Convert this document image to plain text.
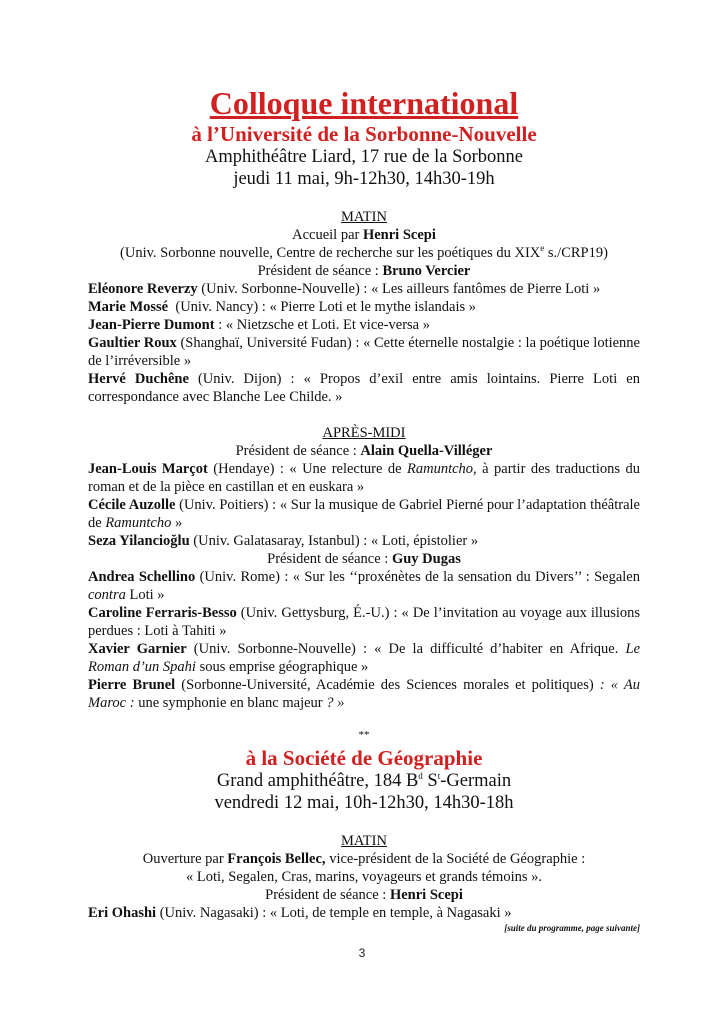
Colloque international
à l’Université de la Sorbonne-Nouvelle
Amphithéâtre Liard, 17 rue de la Sorbonne
jeudi 11 mai, 9h-12h30, 14h30-19h
MATIN
Accueil par Henri Scepi
(Univ. Sorbonne nouvelle, Centre de recherche sur les poétiques du XIXe s./CRP19)
Président de séance : Bruno Vercier
Eléonore Reverzy (Univ. Sorbonne-Nouvelle) : « Les ailleurs fantômes de Pierre Loti »
Marie Mossé  (Univ. Nancy) : « Pierre Loti et le mythe islandais »
Jean-Pierre Dumont : « Nietzsche et Loti. Et vice-versa »
Gaultier Roux (Shanghaï, Université Fudan) : « Cette éternelle nostalgie : la poétique lotienne de l’irréversible »
Hervé Duchêne (Univ. Dijon) : « Propos d’exil entre amis lointains. Pierre Loti en correspondance avec Blanche Lee Childe. »
APRÈS-MIDI
Président de séance : Alain Quella-Villéger
Jean-Louis Marçot (Hendaye) : « Une relecture de Ramuntcho, à partir des traductions du roman et de la pièce en castillan et en euskara »
Cécile Auzolle (Univ. Poitiers) : « Sur la musique de Gabriel Pierné pour l’adaptation théâtrale de Ramuntcho »
Seza Yilancioğlu (Univ. Galatasaray, Istanbul) : « Loti, épistolier »
Président de séance : Guy Dugas
Andrea Schellino (Univ. Rome) : « Sur les ‘‘proxénètes de la sensation du Divers’’ : Segalen contra Loti »
Caroline Ferraris-Besso (Univ. Gettysburg, É.-U.) : « De l’invitation au voyage aux illusions perdues : Loti à Tahiti »
Xavier Garnier (Univ. Sorbonne-Nouvelle) : « De la difficulté d’habiter en Afrique. Le Roman d’un Spahi sous emprise géographique »
Pierre Brunel (Sorbonne-Université, Académie des Sciences morales et politiques) : « Au Maroc : une symphonie en blanc majeur ? »
**
à la Société de Géographie
Grand amphithéâtre, 184 $B^d$ $S^t$-Germain
vendredi 12 mai, 10h-12h30, 14h30-18h
MATIN
Ouverture par François Bellec, vice-président de la Société de Géographie :
« Loti, Segalen, Cras, marins, voyageurs et grands témoins ».
Président de séance : Henri Scepi
Eri Ohashi (Univ. Nagasaki) : « Loti, de temple en temple, à Nagasaki »
[suite du programme, page suivante]
3
